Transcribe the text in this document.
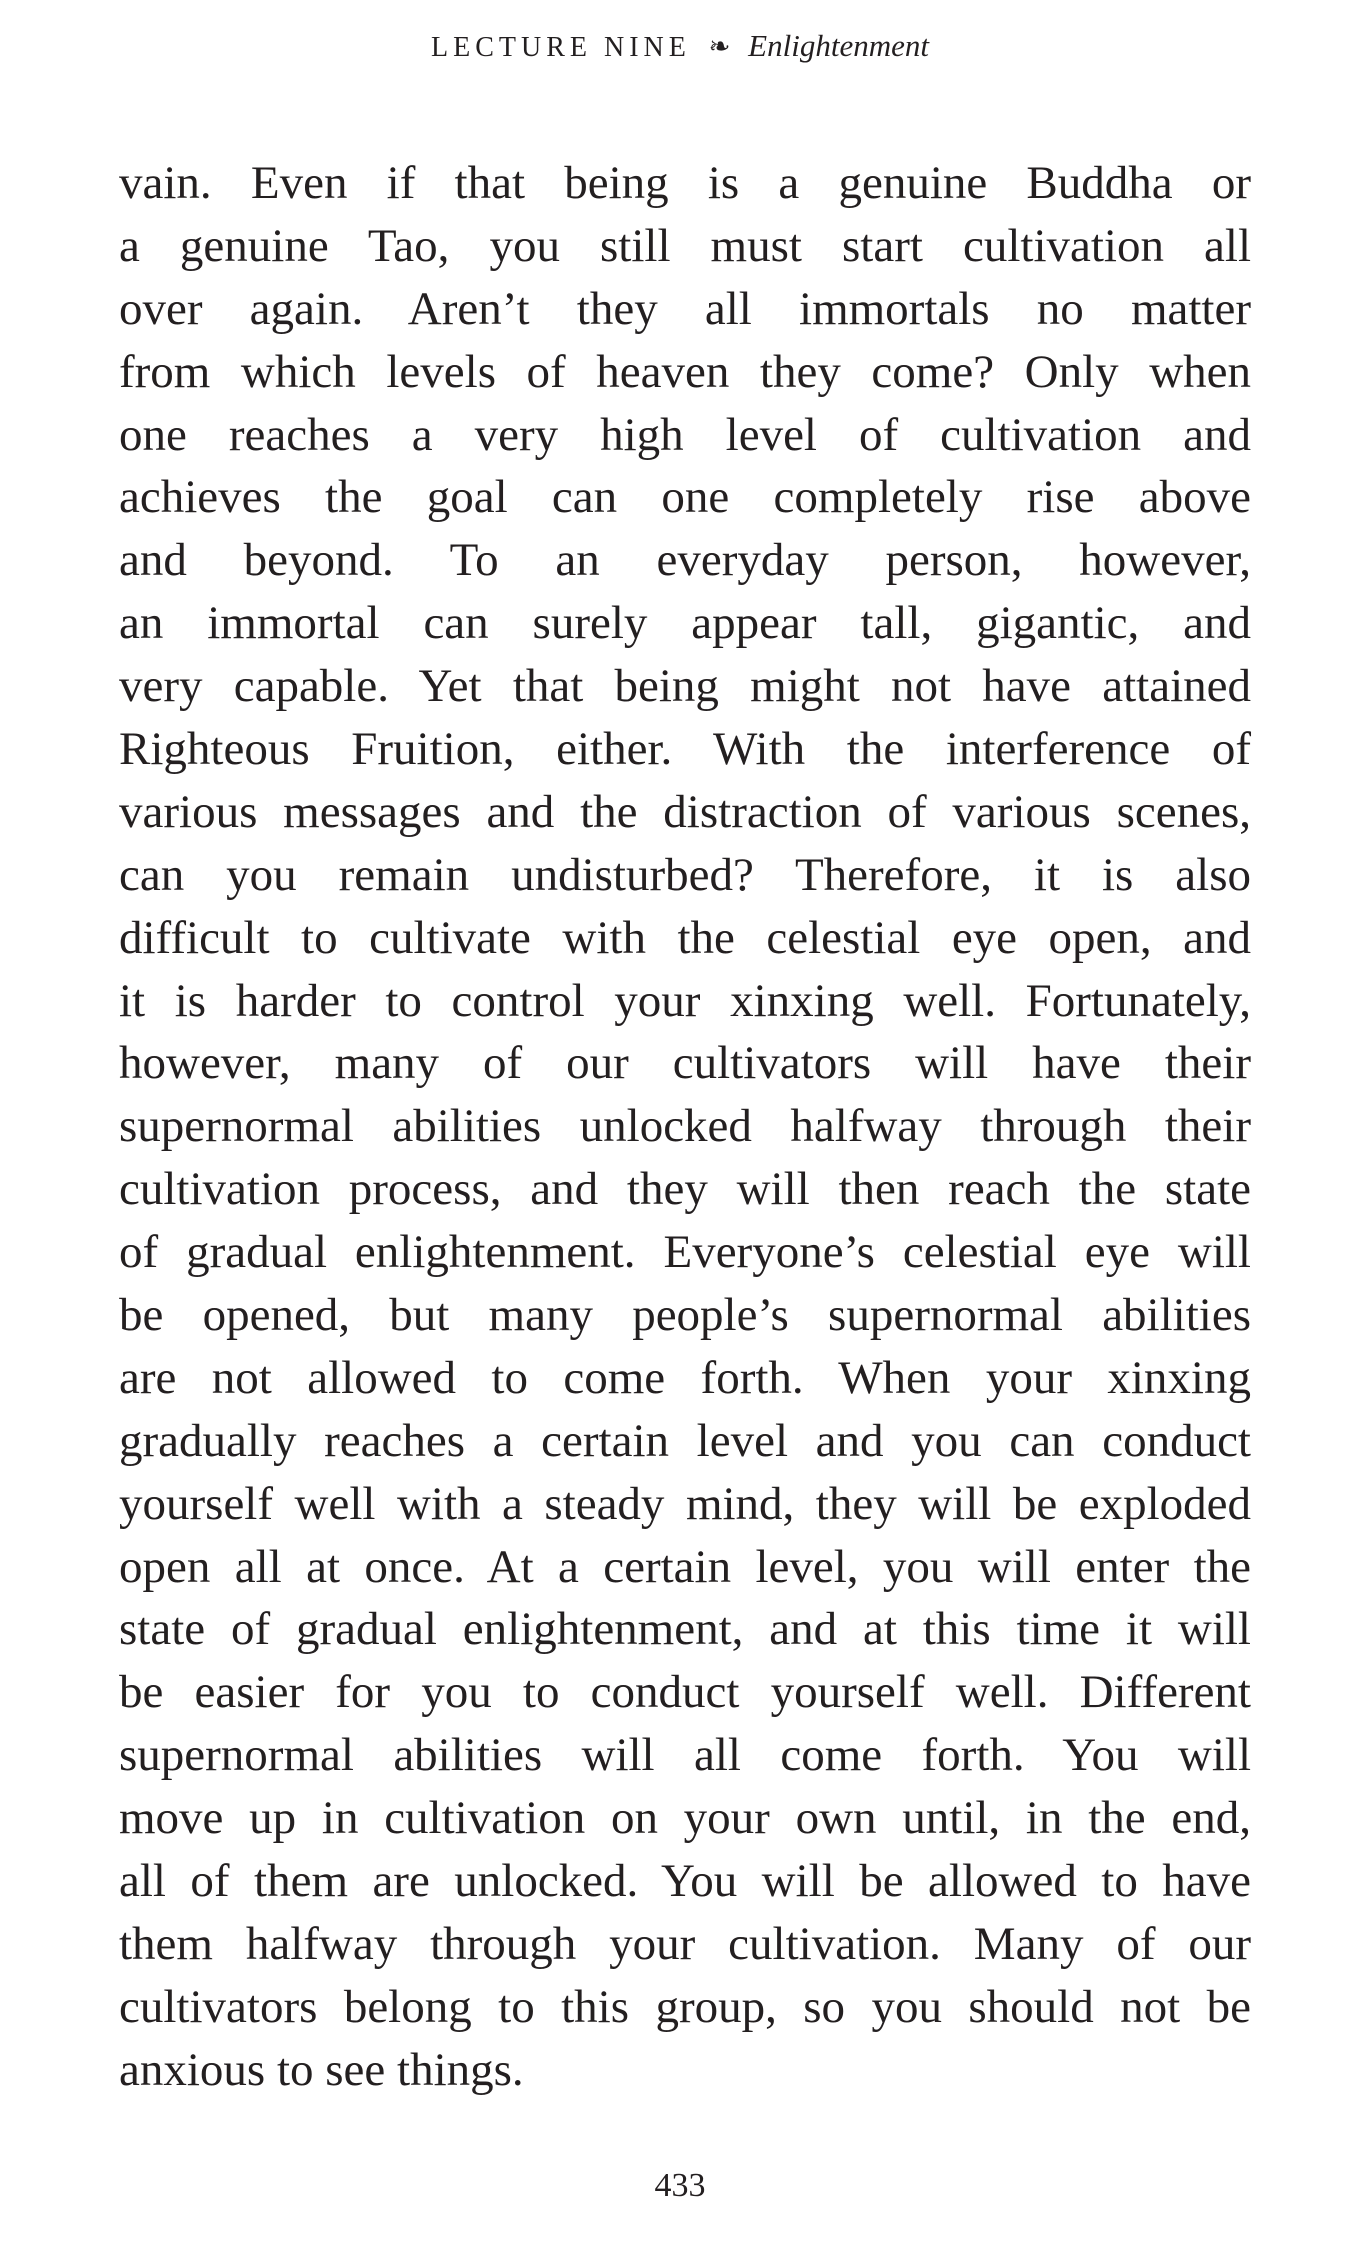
LECTURE NINE ❧ Enlightenment
vain. Even if that being is a genuine Buddha or
a genuine Tao, you still must start cultivation all
over again. Aren’t they all immortals no matter
from which levels of heaven they come? Only when
one reaches a very high level of cultivation and
achieves the goal can one completely rise above
and beyond. To an everyday person, however,
an immortal can surely appear tall, gigantic, and
very capable. Yet that being might not have attained
Righteous Fruition, either. With the interference of
various messages and the distraction of various scenes,
can you remain undisturbed? Therefore, it is also
difficult to cultivate with the celestial eye open, and
it is harder to control your xinxing well. Fortunately,
however, many of our cultivators will have their
supernormal abilities unlocked halfway through their
cultivation process, and they will then reach the state
of gradual enlightenment. Everyone’s celestial eye will
be opened, but many people’s supernormal abilities
are not allowed to come forth. When your xinxing
gradually reaches a certain level and you can conduct
yourself well with a steady mind, they will be exploded
open all at once. At a certain level, you will enter the
state of gradual enlightenment, and at this time it will
be easier for you to conduct yourself well. Different
supernormal abilities will all come forth. You will
move up in cultivation on your own until, in the end,
all of them are unlocked. You will be allowed to have
them halfway through your cultivation. Many of our
cultivators belong to this group, so you should not be
anxious to see things.
433
